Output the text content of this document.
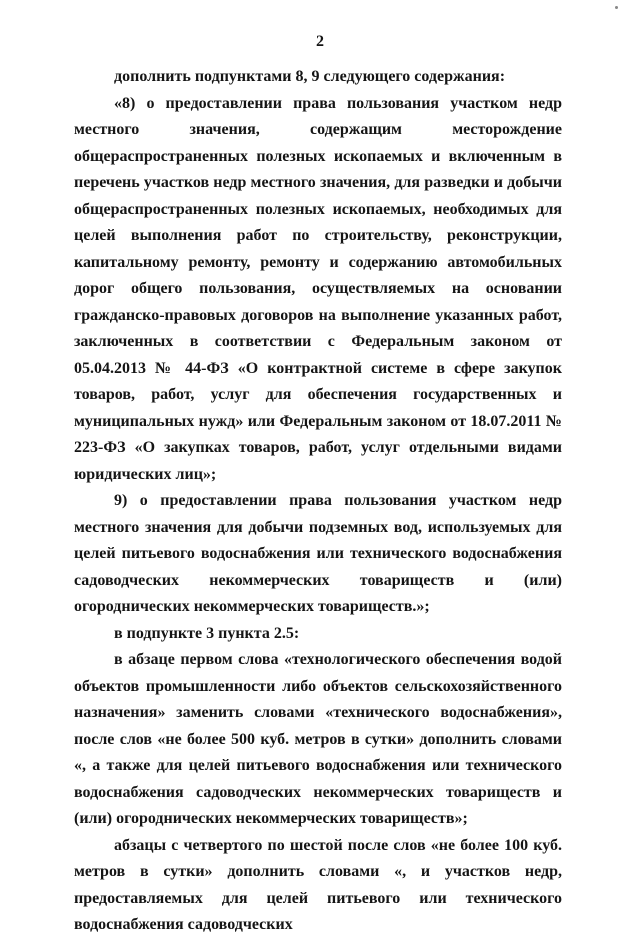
2

дополнить подпунктами 8, 9 следующего содержания:

«8) о предоставлении права пользования участком недр местного значения, содержащим месторождение общераспространенных полезных ископаемых и включенным в перечень участков недр местного значения, для разведки и добычи общераспространенных полезных ископаемых, необходимых для целей выполнения работ по строительству, реконструкции, капитальному ремонту, ремонту и содержанию автомобильных дорог общего пользования, осуществляемых на основании гражданско-правовых договоров на выполнение указанных работ, заключенных в соответствии с Федеральным законом от 05.04.2013 № 44-ФЗ «О контрактной системе в сфере закупок товаров, работ, услуг для обеспечения государственных и муниципальных нужд» или Федеральным законом от 18.07.2011 № 223-ФЗ «О закупках товаров, работ, услуг отдельными видами юридических лиц»;

9) о предоставлении права пользования участком недр местного значения для добычи подземных вод, используемых для целей питьевого водоснабжения или технического водоснабжения садоводческих некоммерческих товариществ и (или) огороднических некоммерческих товариществ.»;

в подпункте 3 пункта 2.5:

в абзаце первом слова «технологического обеспечения водой объектов промышленности либо объектов сельскохозяйственного назначения» заменить словами «технического водоснабжения», после слов «не более 500 куб. метров в сутки» дополнить словами «, а также для целей питьевого водоснабжения или технического водоснабжения садоводческих некоммерческих товариществ и (или) огороднических некоммерческих товариществ»;

абзацы с четвертого по шестой после слов «не более 100 куб. метров в сутки» дополнить словами «, и участков недр, предоставляемых для целей питьевого или технического водоснабжения садоводческих
